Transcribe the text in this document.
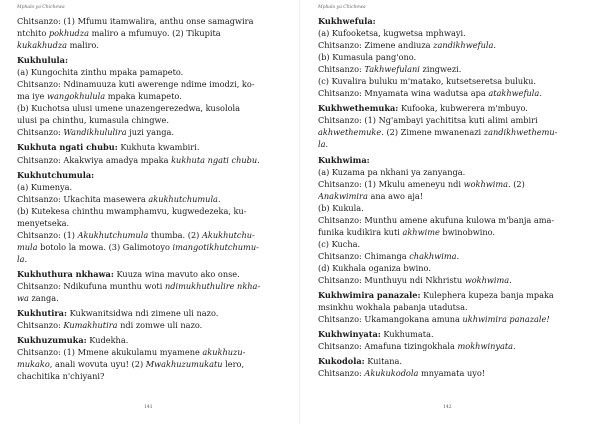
Mphalo ya Chichewa
Chitsanzo: (1) Mfumu itamwalira, anthu onse samagwira
ntchito pokhudza maliro a mfumuyo. (2) Tikupita
kukakhudza maliro.
Kukhulula:
(a) Kungochita zinthu mpaka pamapeto.
Chitsanzo: Ndinamuuza kuti awerenge ndime imodzi, ko-
ma iye wangokhulula mpaka kumapeto.
(b) Kuchotsa ulusi umene unazengerezedwa, kusolola
ulusi pa chinthu, kumasula chingwe.
Chitsanzo: Wandikhululira juzi yanga.
Kukhuta ngati chubu: Kukhuta kwambiri.
Chitsanzo: Akakwiya amadya mpaka kukhuta ngati chubu.
Kukhutchumula:
(a) Kumenya.
Chitsanzo: Ukachita masewera akukhutchumula.
(b) Kutekesa chinthu mwamphamvu, kugwedezeka, ku-
menyetseka.
Chitsanzo: (1) Akukhutchumula thumba. (2) Akukhutchu-
mula botolo la mowa. (3) Galimotoyo imangotikhutchumu-
la.
Kukhuthura nkhawa: Kuuza wina mavuto ako onse.
Chitsanzo: Ndikufuna munthu woti ndimukhuthulire nkha-
wa zanga.
Kukhutira: Kukwanitsidwa ndi zimene uli nazo.
Chitsanzo: Kumakhutira ndi zomwe uli nazo.
Kukhuzumuka: Kudekha.
Chitsanzo: (1) Mmene akukulamu myamene akukhuzu-
mukako, anali wovuta uyu! (2) Mwakhuzumukatu lero,
chachitika n'chiyani?
141
Mphalo ya Chichewa
Kukhwefula:
(a) Kufooketsa, kugwetsa mphwayi.
Chitsanzo: Zimene andiuza zandikhwefula.
(b) Kumasula pang'ono.
Chitsanzo: Takhwefulani zingwezi.
(c) Kuvalira buluku m'matako, kutsetseretsa buluku.
Chitsanzo: Mnyamata wina wadutsa apa atakhwefula.
Kukhwethemuka: Kufooka, kubwerera m'mbuyo.
Chitsanzo: (1) Ng'ambayi yachititsa kuti alimi ambiri
akhwethemuke. (2) Zimene mwanenazi zandikhwethemu-
la.
Kukhwima:
(a) Kuzama pa nkhani ya zanyanga.
Chitsanzo: (1) Mkulu ameneyu ndi wokhwima. (2)
Anakwimira ana awo aja!
(b) Kukula.
Chitsanzo: Munthu amene akufuna kulowa m'banja ama-
funika kudikira kuti akhwime bwinobwino.
(c) Kucha.
Chitsanzo: Chimanga chakhwima.
(d) Kukhala oganiza bwino.
Chitsanzo: Munthuyu ndi Nkhristu wokhwima.
Kukhwimira panazale: Kulephera kupeza banja mpaka
msinkhu wokhala pabanja utadutsa.
Chitsanzo: Ukamangokana amuna ukhwimira panazale!
Kukhwinyata: Kukhumata.
Chitsanzo: Amafuna tizingokhala mokhwinyata.
Kukodola: Kuitana.
Chitsanzo: Akukukodola mnyamata uyo!
142
